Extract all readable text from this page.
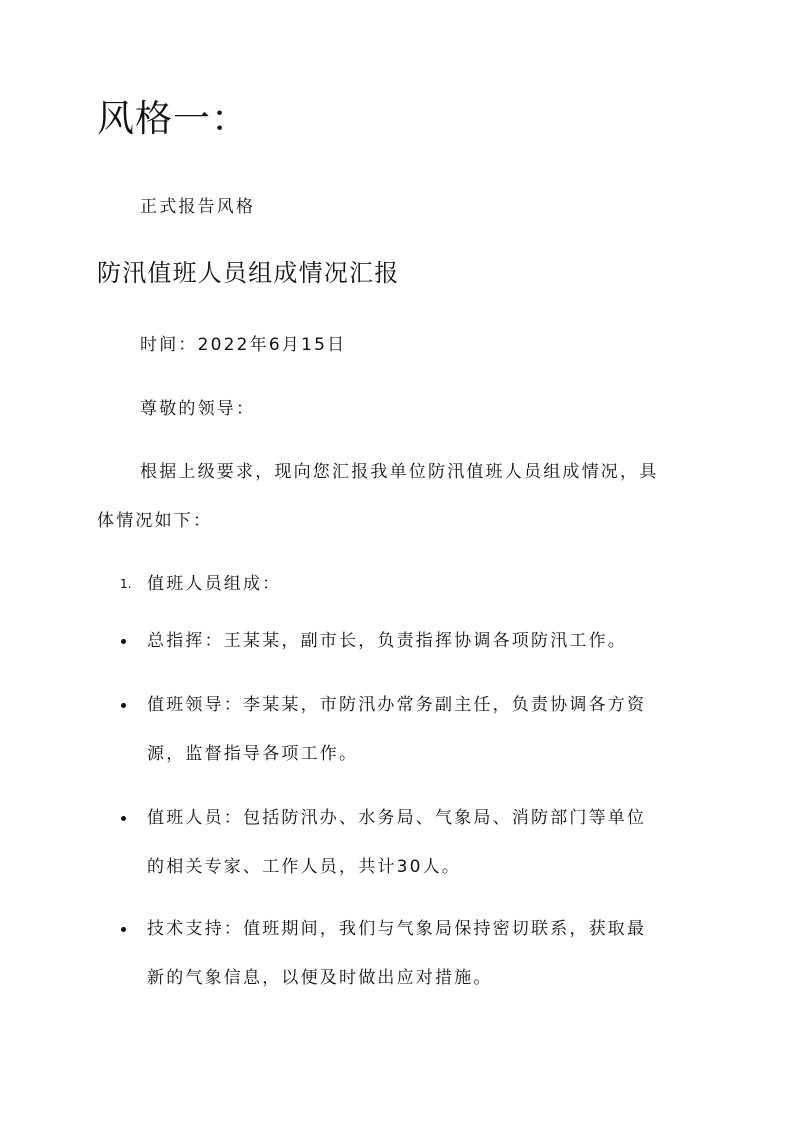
风格一：

正式报告风格

防汛值班人员组成情况汇报

时间：2022年6月15日

尊敬的领导：

根据上级要求，现向您汇报我单位防汛值班人员组成情况，具

体情况如下：

1. 值班人员组成：

总指挥：王某某，副市长，负责指挥协调各项防汛工作。

值班领导：李某某，市防汛办常务副主任，负责协调各方资

源，监督指导各项工作。

值班人员：包括防汛办、水务局、气象局、消防部门等单位

的相关专家、工作人员，共计30人。

技术支持：值班期间，我们与气象局保持密切联系，获取最

新的气象信息，以便及时做出应对措施。
